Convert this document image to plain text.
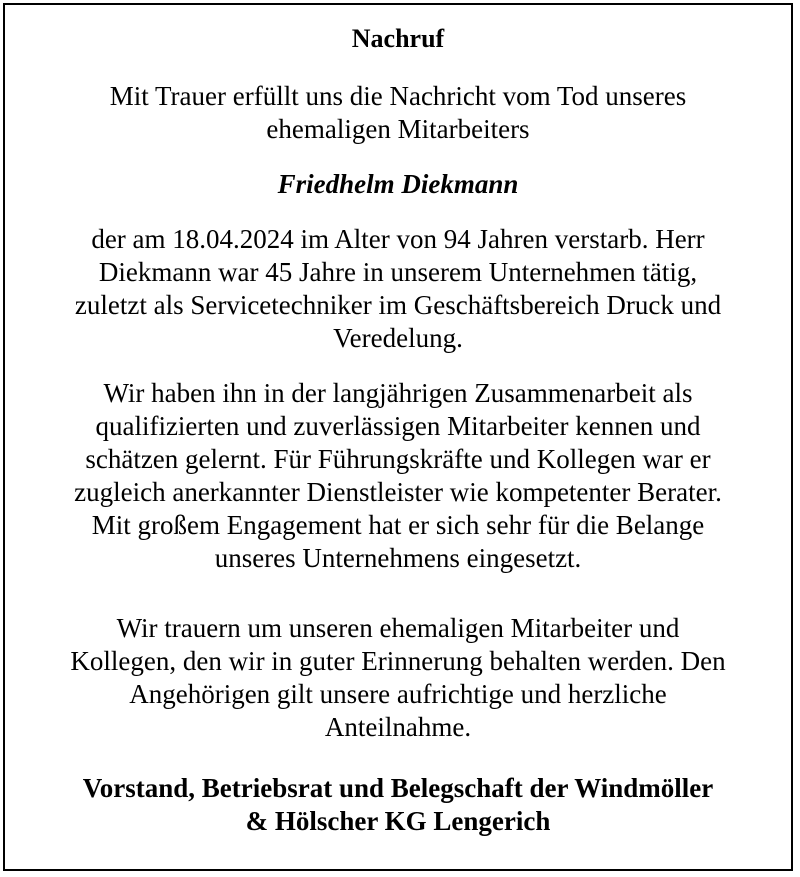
Nachruf
Mit Trauer erfüllt uns die Nachricht vom Tod unseres
ehemaligen Mitarbeiters
Friedhelm Diekmann
der am 18.04.2024 im Alter von 94 Jahren verstarb. Herr
Diekmann war 45 Jahre in unserem Unternehmen tätig,
zuletzt als Servicetechniker im Geschäftsbereich Druck und
Veredelung.
Wir haben ihn in der langjährigen Zusammenarbeit als
qualifizierten und zuverlässigen Mitarbeiter kennen und
schätzen gelernt. Für Führungskräfte und Kollegen war er
zugleich anerkannter Dienstleister wie kompetenter Berater.
Mit großem Engagement hat er sich sehr für die Belange
unseres Unternehmens eingesetzt.
Wir trauern um unseren ehemaligen Mitarbeiter und
Kollegen, den wir in guter Erinnerung behalten werden. Den
Angehörigen gilt unsere aufrichtige und herzliche
Anteilnahme.
Vorstand, Betriebsrat und Belegschaft der Windmöller
& Hölscher KG Lengerich
